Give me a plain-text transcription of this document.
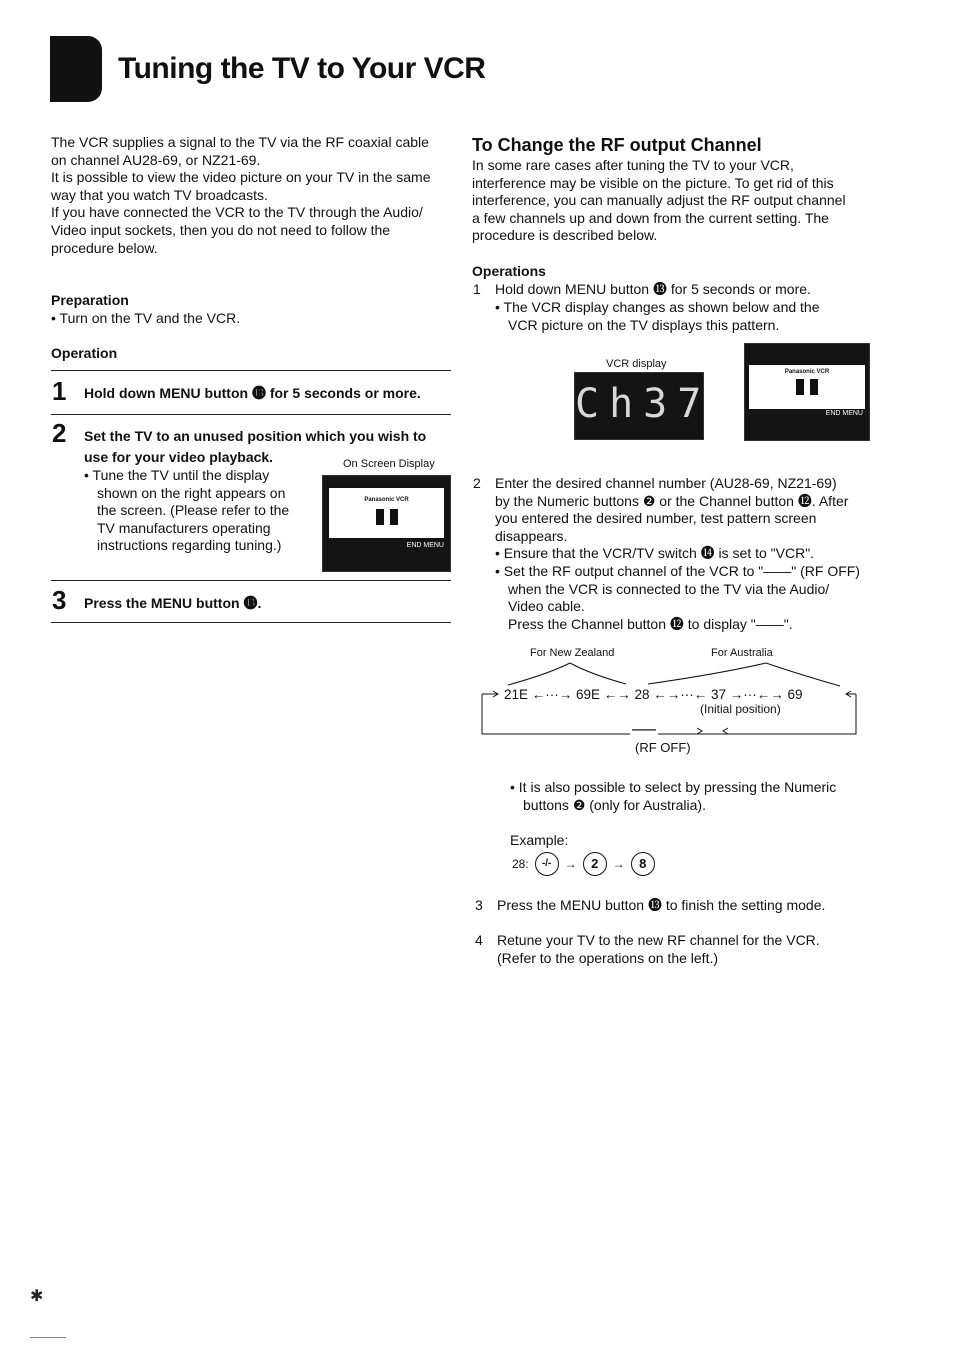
Tuning the TV to Your VCR

The VCR supplies a signal to the TV via the RF coaxial cable

on channel AU28-69, or NZ21-69.

It is possible to view the video picture on your TV in the same

way that you watch TV broadcasts.

If you have connected the VCR to the TV through the Audio/

Video input sockets, then you do not need to follow the

procedure below.

Preparation

• Turn on the TV and the VCR.

Operation

1 Hold down MENU button ⓭ for 5 seconds or more.
2 Set the TV to an unused position which you wish to
use for your video playback.

• Tune the TV until the display

shown on the right appears on

the screen. (Please refer to the

TV manufacturers operating

instructions regarding tuning.)

On Screen Display
Panasonic VCR
END MENU
3 Press the MENU button ⓭.
To Change the RF output Channel

In some rare cases after tuning the TV to your VCR,

interference may be visible on the picture. To get rid of this

interference, you can manually adjust the RF output channel

a few channels up and down from the current setting. The

procedure is described below.

Operations

1 Hold down MENU button ⓭ for 5 seconds or more.

• The VCR display changes as shown below and the

VCR picture on the TV displays this pattern.

VCR display
Ch37
Panasonic VCR
END MENU

2 Enter the desired channel number (AU28-69, NZ21-69)

by the Numeric buttons ❷ or the Channel button ⓬. After

you entered the desired number, test pattern screen

disappears.

• Ensure that the VCR/TV switch ⓮ is set to "VCR".

• Set the RF output channel of the VCR to "——" (RF OFF)

when the VCR is connected to the TV via the Audio/

Video cable.

Press the Channel button ⓬ to display "——".

For New Zealand	For Australia
21E ←···→ 69E ←→ 28 ←→···← 37 →···←→ 69
(Initial position)
——
(RF OFF)

• It is also possible to select by pressing the Numeric

buttons ❷ (only for Australia).

Example:

28:	-/-	→	2	→	8

3 Press the MENU button ⓭ to finish the setting mode.

4 Retune your TV to the new RF channel for the VCR.

(Refer to the operations on the left.)

✱
